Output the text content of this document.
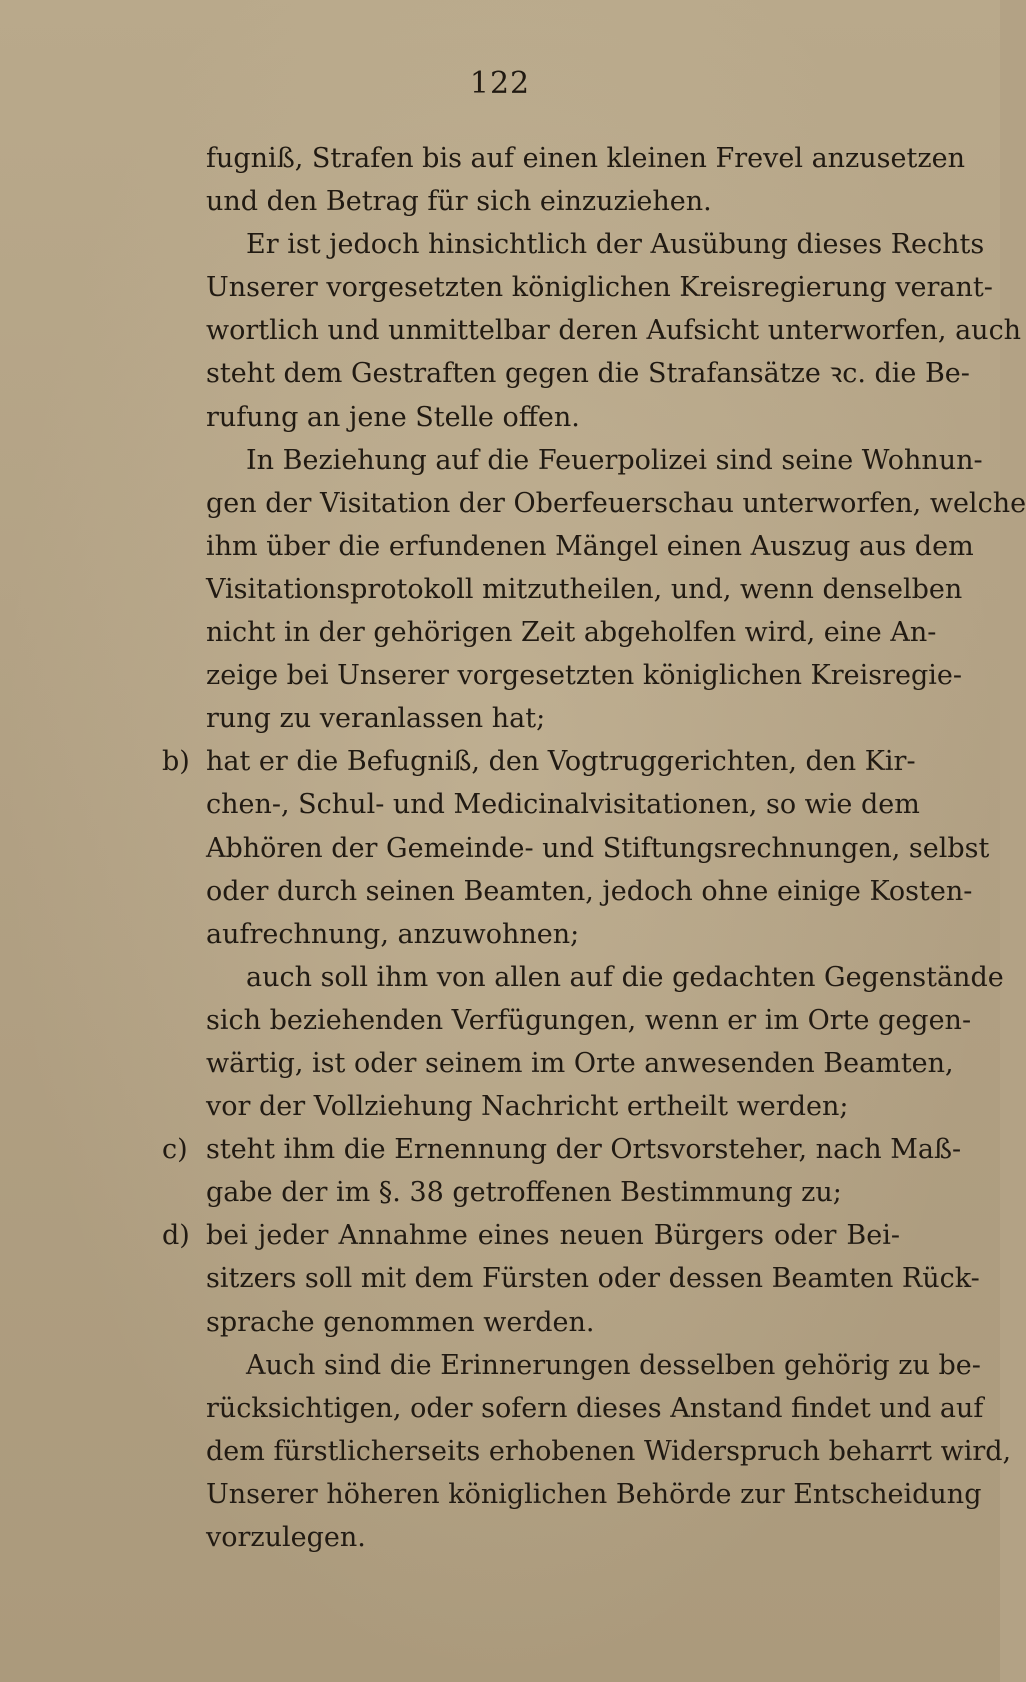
122
fugniß, Strafen bis auf einen kleinen Frevel anzusetzen
und den Betrag für sich einzuziehen.
Er ist jedoch hinsichtlich der Ausübung dieses Rechts
Unserer vorgesetzten königlichen Kreisregierung verant-
wortlich und unmittelbar deren Aufsicht unterworfen, auch
steht dem Gestraften gegen die Strafansätze ꝛc. die Be-
rufung an jene Stelle offen.
In Beziehung auf die Feuerpolizei sind seine Wohnun-
gen der Visitation der Oberfeuerschau unterworfen, welche
ihm über die erfundenen Mängel einen Auszug aus dem
Visitationsprotokoll mitzutheilen, und, wenn denselben
nicht in der gehörigen Zeit abgeholfen wird, eine An-
zeige bei Unserer vorgesetzten königlichen Kreisregie-
rung zu veranlassen hat;
b) hat er die Befugniß, den Vogtruggerichten, den Kir-
chen-, Schul- und Medicinalvisitationen, so wie dem
Abhören der Gemeinde- und Stiftungsrechnungen, selbst
oder durch seinen Beamten, jedoch ohne einige Kosten-
aufrechnung, anzuwohnen;
auch soll ihm von allen auf die gedachten Gegenstände
sich beziehenden Verfügungen, wenn er im Orte gegen-
wärtig, ist oder seinem im Orte anwesenden Beamten,
vor der Vollziehung Nachricht ertheilt werden;
c) steht ihm die Ernennung der Ortsvorsteher, nach Maß-
gabe der im §. 38 getroffenen Bestimmung zu;
d) bei jeder Annahme eines neuen Bürgers oder Bei-
sitzers soll mit dem Fürsten oder dessen Beamten Rück-
sprache genommen werden.
Auch sind die Erinnerungen desselben gehörig zu be-
rücksichtigen, oder sofern dieses Anstand findet und auf
dem fürstlicherseits erhobenen Widerspruch beharrt wird,
Unserer höheren königlichen Behörde zur Entscheidung
vorzulegen.
